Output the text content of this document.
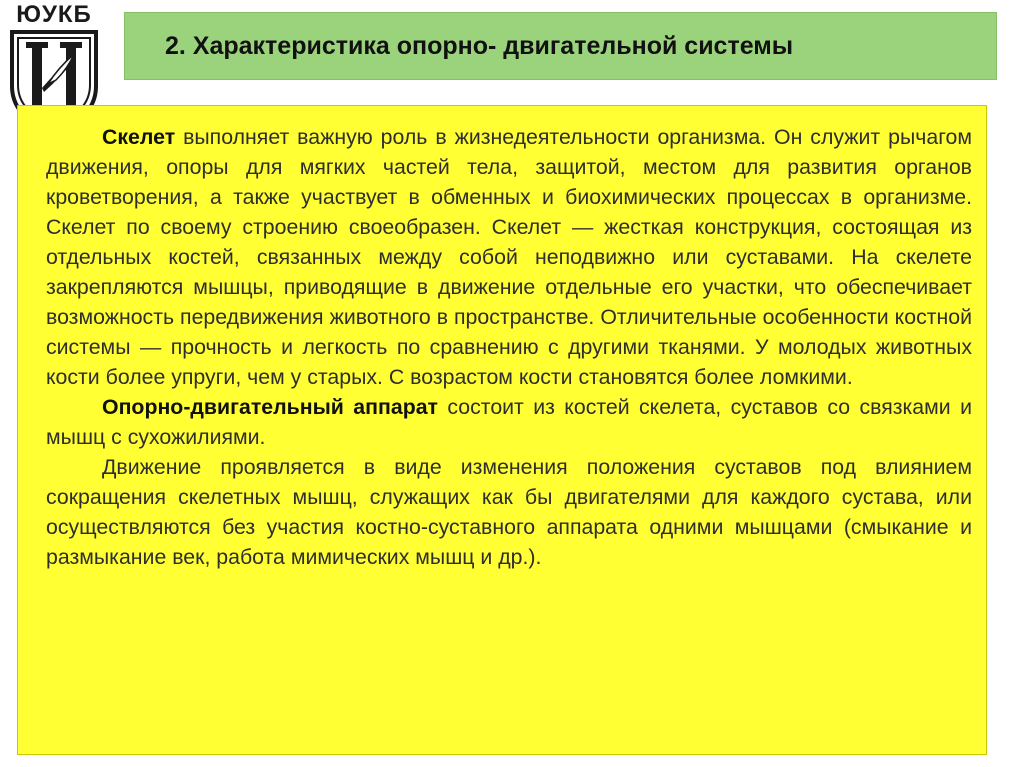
ЮУКБ
2. Характеристика опорно- двигательной системы

Скелет выполняет важную роль в жизнедеятельности организма. Он служит рычагом движения, опоры для мягких частей тела, защитой, местом для развития органов кроветворения, а также участвует в обменных и биохимических процессах в организме. Скелет по своему строению своеобразен. Скелет — жесткая конструкция, состоящая из отдельных костей, связанных между собой неподвижно или суставами. На скелете закрепляются мышцы, приводящие в движение отдельные его участки, что обеспечивает возможность передвижения животного в пространстве. Отличительные особенности костной системы — прочность и легкость по сравнению с другими тканями. У молодых животных кости более упруги, чем у старых. С возрастом кости становятся более ломкими.

Опорно-двигательный аппарат состоит из костей скелета, суставов со связками и мышц с сухожилиями.

Движение проявляется в виде изменения положения суставов под влиянием сокращения скелетных мышц, служащих как бы двигателями для каждого сустава, или осуществляются без участия костно-суставного аппарата одними мышцами (смыкание и размыкание век, работа мимических мышц и др.).
